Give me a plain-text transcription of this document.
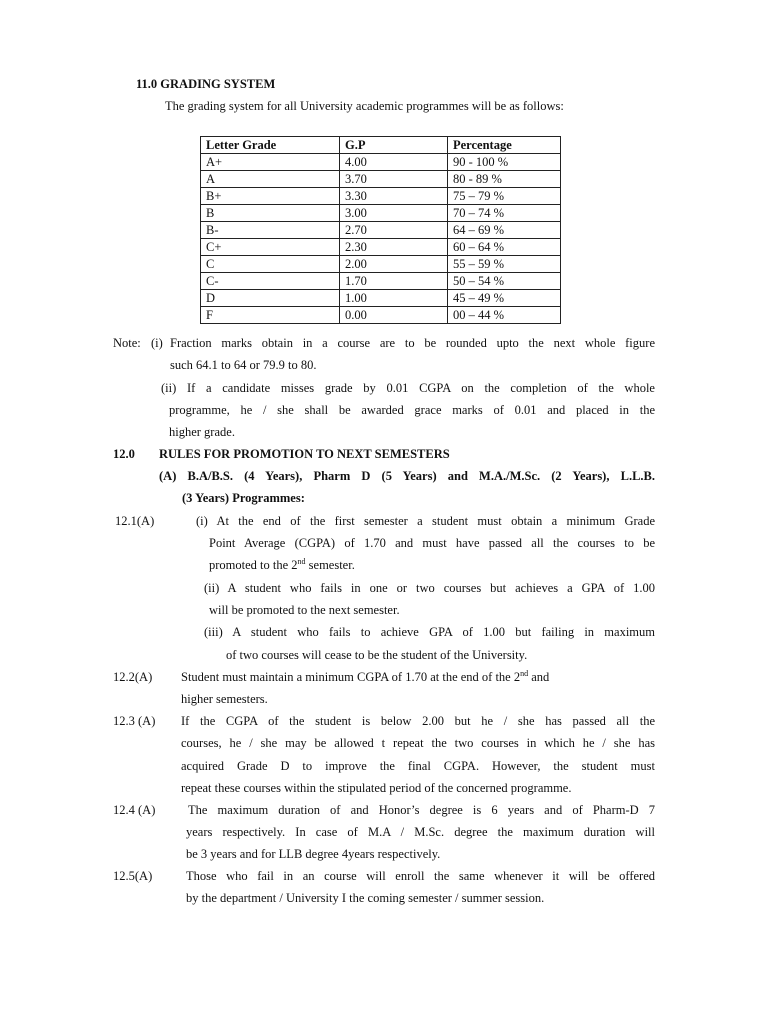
11.0 GRADING SYSTEM
The grading system for all University academic programmes will be as follows:
Letter Grade	G.P	Percentage
A+	4.00	90 - 100 %
A	3.70	80 - 89 %
B+	3.30	75 – 79 %
B	3.00	70 – 74 %
B-	2.70	64 – 69 %
C+	2.30	60 – 64 %
C	2.00	55 – 59 %
C-	1.70	50 – 54 %
D	1.00	45 – 49 %
F	0.00	00 – 44 %
Note: (i) Fraction marks obtain in a course are to be rounded upto the next whole figure
such 64.1 to 64 or 79.9 to 80.
(ii) If a candidate misses grade by 0.01 CGPA on the completion of the whole
programme, he / she shall be awarded grace marks of 0.01 and placed in the
higher grade.
12.0 RULES FOR PROMOTION TO NEXT SEMESTERS
(A) B.A/B.S. (4 Years), Pharm D (5 Years) and M.A./M.Sc. (2 Years), L.L.B.
(3 Years) Programmes:
12.1(A)	(i) At the end of the first semester a student must obtain a minimum Grade
Point Average (CGPA) of 1.70 and must have passed all the courses to be
promoted to the 2nd semester.
(ii) A student who fails in one or two courses but achieves a GPA of 1.00
will be promoted to the next semester.
(iii) A student who fails to achieve GPA of 1.00 but failing in maximum
of two courses will cease to be the student of the University.
12.2(A) Student must maintain a minimum CGPA of 1.70 at the end of the 2nd and
higher semesters.
12.3 (A) If the CGPA of the student is below 2.00 but he / she has passed all the
courses, he / she may be allowed t repeat the two courses in which he / she has
acquired Grade D to improve the final CGPA. However, the student must
repeat these courses within the stipulated period of the concerned programme.
12.4 (A)	The maximum duration of and Honor’s degree is 6 years and of Pharm-D 7
years respectively. In case of M.A / M.Sc. degree the maximum duration will
be 3 years and for LLB degree 4years respectively.
12.5(A)	Those who fail in an course will enroll the same whenever it will be offered
by the department / University I the coming semester / summer session.
